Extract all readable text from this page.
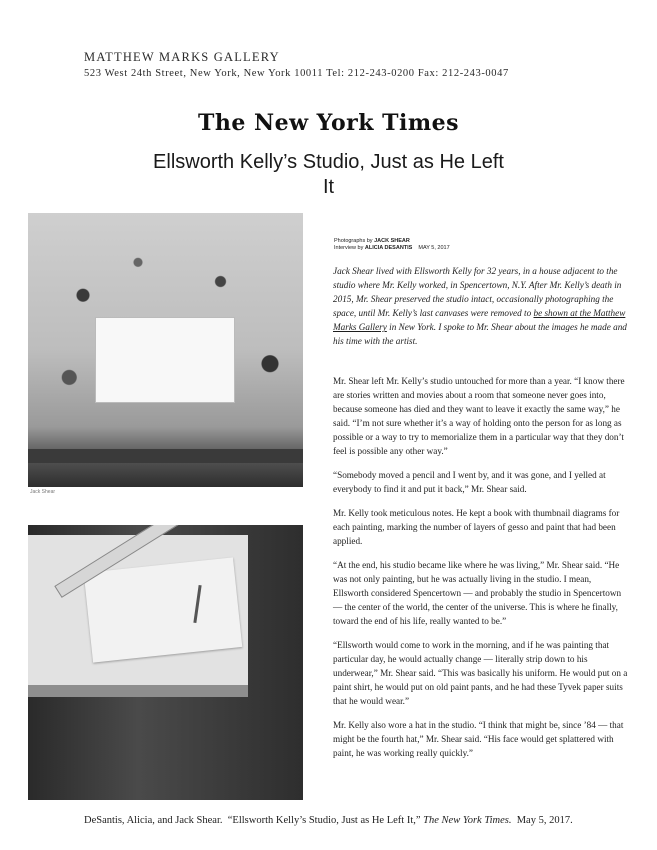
MATTHEW MARKS GALLERY
523 West 24th Street, New York, New York 10011 Tel: 212-243-0200 Fax: 212-243-0047
The New York Times
Ellsworth Kelly’s Studio, Just as He Left It
Jack Shear
Photographs by JACK SHEAR
Interview by ALICIA DESANTIS MAY 5, 2017
Jack Shear lived with Ellsworth Kelly for 32 years, in a house adjacent to the studio where Mr. Kelly worked, in Spencertown, N.Y. After Mr. Kelly’s death in 2015, Mr. Shear preserved the studio intact, occasionally photographing the space, until Mr. Kelly’s last canvases were removed to be shown at the Matthew Marks Gallery in New York. I spoke to Mr. Shear about the images he made and his time with the artist.

Mr. Shear left Mr. Kelly’s studio untouched for more than a year. “I know there are stories written and movies about a room that someone never goes into, because someone has died and they want to leave it exactly the same way,” he said. “I’m not sure whether it’s a way of holding onto the person for as long as possible or a way to try to memorialize them in a particular way that they don’t feel is possible any other way.”

“Somebody moved a pencil and I went by, and it was gone, and I yelled at everybody to find it and put it back,” Mr. Shear said.

Mr. Kelly took meticulous notes. He kept a book with thumbnail diagrams for each painting, marking the number of layers of gesso and paint that had been applied.

“At the end, his studio became like where he was living,” Mr. Shear said. “He was not only painting, but he was actually living in the studio. I mean, Ellsworth considered Spencertown — and probably the studio in Spencertown — the center of the world, the center of the universe. This is where he finally, toward the end of his life, really wanted to be.”

“Ellsworth would come to work in the morning, and if he was painting that particular day, he would actually change — literally strip down to his underwear,” Mr. Shear said. “This was basically his uniform. He would put on a paint shirt, he would put on old paint pants, and he had these Tyvek paper suits that he would wear.”

Mr. Kelly also wore a hat in the studio. “I think that might be, since ’84 — that might be the fourth hat,” Mr. Shear said. “His face would get splattered with paint, he was working really quickly.”

DeSantis, Alicia, and Jack Shear. “Ellsworth Kelly’s Studio, Just as He Left It,” The New York Times. May 5, 2017.
